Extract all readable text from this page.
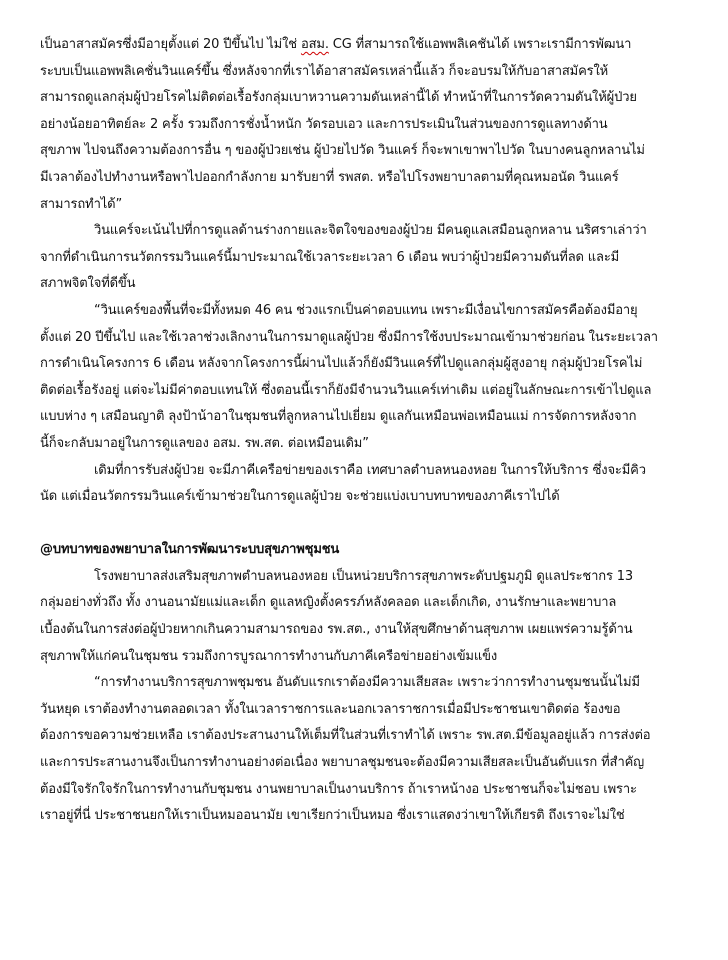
เป็นอาสาสมัครซึ่งมีอายุตั้งแต่ 20 ปีขึ้นไป ไม่ใช่ อสม. CG ที่สามารถใช้แอพพลิเคชันได้ เพราะเรามีการพัฒนา
ระบบเป็นแอพพลิเคชั่นวินแคร์ขึ้น ซึ่งหลังจากที่เราได้อาสาสมัครเหล่านี้แล้ว ก็จะอบรมให้กับอาสาสมัครให้
สามารถดูแลกลุ่มผู้ป่วยโรคไม่ติดต่อเรื้อรังกลุ่มเบาหวานความดันเหล่านี้ได้ ทำหน้าที่ในการวัดความดันให้ผู้ป่วย
อย่างน้อยอาทิตย์ละ 2 ครั้ง รวมถึงการชั่งน้ำหนัก วัดรอบเอว และการประเมินในส่วนของการดูแลทางด้าน
สุขภาพ ไปจนถึงความต้องการอื่น ๆ ของผู้ป่วยเช่น ผู้ป่วยไปวัด วินแคร์ ก็จะพาเขาพาไปวัด ในบางคนลูกหลานไม่
มีเวลาต้องไปทำงานหรือพาไปออกกำลังกาย มารับยาที่ รพสต. หรือไปโรงพยาบาลตามที่คุณหมอนัด วินแคร์
สามารถทำได้”
วินแคร์จะเน้นไปที่การดูแลด้านร่างกายและจิตใจของของผู้ป่วย มีคนดูแลเสมือนลูกหลาน นริศราเล่าว่า
จากที่ดำเนินการนวัตกรรมวินแคร์นี้มาประมาณใช้เวลาระยะเวลา 6 เดือน พบว่าผู้ป่วยมีความดันที่ลด และมี
สภาพจิตใจที่ดีขึ้น
“วินแคร์ของพื้นที่จะมีทั้งหมด 46 คน ช่วงแรกเป็นค่าตอบแทน เพราะมีเงื่อนไขการสมัครคือต้องมีอายุ
ตั้งแต่ 20 ปีขึ้นไป และใช้เวลาช่วงเลิกงานในการมาดูแลผู้ป่วย ซึ่งมีการใช้งบประมาณเข้ามาช่วยก่อน ในระยะเวลา
การดำเนินโครงการ 6 เดือน หลังจากโครงการนี้ผ่านไปแล้วก็ยังมีวินแคร์ที่ไปดูแลกลุ่มผู้สูงอายุ กลุ่มผู้ป่วยโรคไม่
ติดต่อเรื้อรังอยู่ แต่จะไม่มีค่าตอบแทนให้ ซึ่งตอนนี้เราก็ยังมีจำนวนวินแคร์เท่าเดิม แต่อยู่ในลักษณะการเข้าไปดูแล
แบบห่าง ๆ เสมือนญาติ ลุงป้าน้าอาในชุมชนที่ลูกหลานไปเยี่ยม ดูแลกันเหมือนพ่อเหมือนแม่ การจัดการหลังจาก
นี้ก็จะกลับมาอยู่ในการดูแลของ อสม. รพ.สต. ต่อเหมือนเดิม”
เดิมที่การรับส่งผู้ป่วย จะมีภาคีเครือข่ายของเราคือ เทศบาลตำบลหนองหอย ในการให้บริการ ซึ่งจะมีคิว
นัด แต่เมื่อนวัตกรรมวินแคร์เข้ามาช่วยในการดูแลผู้ป่วย จะช่วยแบ่งเบาบทบาทของภาคีเราไปได้
@บทบาทของพยาบาลในการพัฒนาระบบสุขภาพชุมชน
โรงพยาบาลส่งเสริมสุขภาพตำบลหนองหอย เป็นหน่วยบริการสุขภาพระดับปฐมภูมิ ดูแลประชากร 13
กลุ่มอย่างทั่วถึง ทั้ง งานอนามัยแม่และเด็ก ดูแลหญิงตั้งครรภ์หลังคลอด และเด็กเกิด, งานรักษาและพยาบาล
เบื้องต้นในการส่งต่อผู้ป่วยหากเกินความสามารถของ รพ.สต., งานให้สุขศึกษาด้านสุขภาพ เผยแพร่ความรู้ด้าน
สุขภาพให้แก่คนในชุมชน รวมถึงการบูรณาการทำงานกับภาคีเครือข่ายอย่างเข้มแข็ง
“การทำงานบริการสุขภาพชุมชน อันดับแรกเราต้องมีความเสียสละ เพราะว่าการทำงานชุมชนนั้นไม่มี
วันหยุด เราต้องทำงานตลอดเวลา ทั้งในเวลาราชการและนอกเวลาราชการเมื่อมีประชาชนเขาติดต่อ ร้องขอ
ต้องการขอความช่วยเหลือ เราต้องประสานงานให้เต็มที่ในส่วนที่เราทำได้ เพราะ รพ.สต.มีข้อมูลอยู่แล้ว การส่งต่อ
และการประสานงานจึงเป็นการทำงานอย่างต่อเนื่อง พยาบาลชุมชนจะต้องมีความเสียสละเป็นอันดับแรก ที่สำคัญ
ต้องมีใจรักใจรักในการทำงานกับชุมชน งานพยาบาลเป็นงานบริการ ถ้าเราหน้างอ ประชาชนก็จะไม่ชอบ เพราะ
เราอยู่ที่นี่ ประชาชนยกให้เราเป็นหมออนามัย เขาเรียกว่าเป็นหมอ ซึ่งเราแสดงว่าเขาให้เกียรติ ถึงเราจะไม่ใช่
